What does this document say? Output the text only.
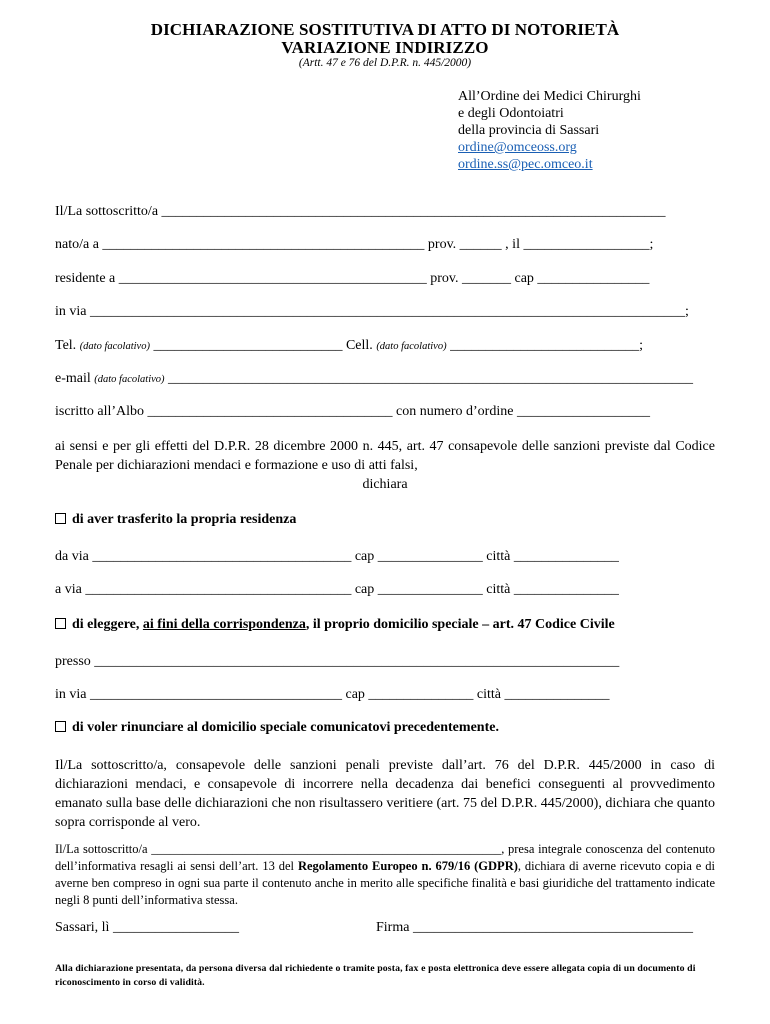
DICHIARAZIONE SOSTITUTIVA DI ATTO DI NOTORIETÀ
VARIAZIONE INDIRIZZO
(Artt. 47 e 76 del D.P.R. n. 445/2000)
All’Ordine dei Medici Chirurghi
e degli Odontoiatri
della provincia di Sassari
ordine@omceoss.org
ordine.ss@pec.omceo.it
Il/La sottoscritto/a ________________________________________________________________________
nato/a a ______________________________________________ prov. ______ , il __________________;
residente a ____________________________________________ prov. _______ cap ________________
in via _____________________________________________________________________________________;
Tel. (dato facolativo) ___________________________ Cell. (dato facolativo) ___________________________;
e-mail (dato facolativo) ___________________________________________________________________________
iscritto all’Albo ___________________________________ con numero d’ordine ___________________
ai sensi e per gli effetti del D.P.R. 28 dicembre 2000 n. 445, art. 47 consapevole delle sanzioni previste dal Codice Penale per dichiarazioni mendaci e formazione e uso di atti falsi,
dichiara
di aver trasferito la propria residenza
da via _____________________________________ cap _______________ città _______________
a via ______________________________________ cap _______________ città _______________
di eleggere, ai fini della corrispondenza, il proprio domicilio speciale – art. 47 Codice Civile
presso ___________________________________________________________________________
in via ____________________________________ cap _______________ città _______________
di voler rinunciare al domicilio speciale comunicatovi precedentemente.
Il/La sottoscritto/a, consapevole delle sanzioni penali previste dall’art. 76 del D.P.R. 445/2000 in caso di dichiarazioni mendaci, e consapevole di incorrere nella decadenza dai benefici conseguenti al provvedimento emanato sulla base delle dichiarazioni che non risultassero veritiere (art. 75 del D.P.R. 445/2000), dichiara che quanto sopra corrisponde al vero.
Il/La sottoscritto/a ________________________________________________________, presa integrale conoscenza del contenuto dell’informativa resagli ai sensi dell’art. 13 del Regolamento Europeo n. 679/16 (GDPR), dichiara di averne ricevuto copia e di averne ben compreso in ogni sua parte il contenuto anche in merito alle specifiche finalità e basi giuridiche del trattamento indicate negli 8 punti dell’informativa stessa.
Sassari, lì __________________	Firma ________________________________________
Alla dichiarazione presentata, da persona diversa dal richiedente o tramite posta, fax e posta elettronica deve essere allegata copia di un documento di riconoscimento in corso di validità.
